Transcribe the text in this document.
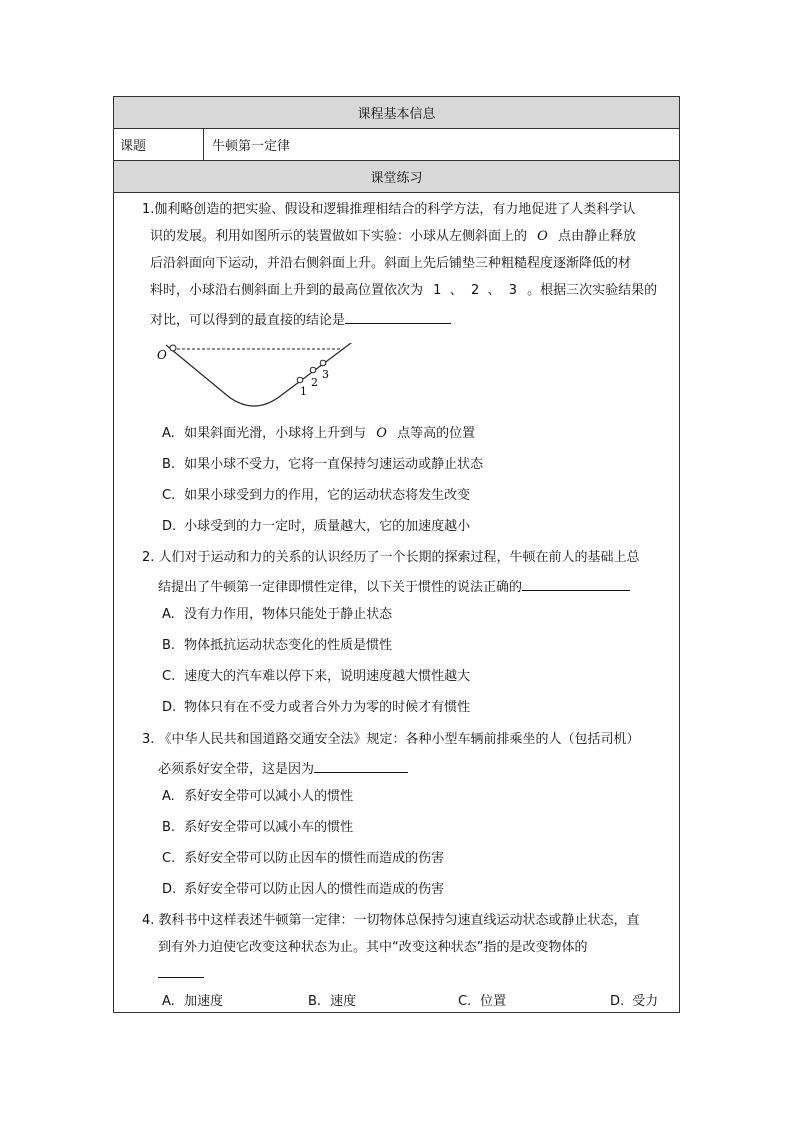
课程基本信息
课题	牛顿第一定律
课堂练习
1.伽利略创造的把实验、假设和逻辑推理相结合的科学方法，有力地促进了人类科学认
识的发展。利用如图所示的装置做如下实验：小球从左侧斜面上的 O 点由静止释放
后沿斜面向下运动，并沿右侧斜面上升。斜面上先后铺垫三种粗糙程度逐渐降低的材
料时，小球沿右侧斜面上升到的最高位置依次为 1  、  2  、  3 。根据三次实验结果的
对比，可以得到的最直接的结论是
O
1
2
3
A. 如果斜面光滑，小球将上升到与 O 点等高的位置
B. 如果小球不受力，它将一直保持匀速运动或静止状态
C. 如果小球受到力的作用，它的运动状态将发生改变
D. 小球受到的力一定时，质量越大，它的加速度越小
2. 人们对于运动和力的关系的认识经历了一个长期的探索过程，牛顿在前人的基础上总
结提出了牛顿第一定律即惯性定律，以下关于惯性的说法正确的
A. 没有力作用，物体只能处于静止状态
B. 物体抵抗运动状态变化的性质是惯性
C. 速度大的汽车难以停下来，说明速度越大惯性越大
D. 物体只有在不受力或者合外力为零的时候才有惯性
3. 《中华人民共和国道路交通安全法》规定：各种小型车辆前排乘坐的人（包括司机）
必须系好安全带，这是因为
A. 系好安全带可以减小人的惯性
B. 系好安全带可以减小车的惯性
C. 系好安全带可以防止因车的惯性而造成的伤害
D. 系好安全带可以防止因人的惯性而造成的伤害
4. 教科书中这样表述牛顿第一定律：一切物体总保持匀速直线运动状态或静止状态，直
到有外力迫使它改变这种状态为止。其中“改变这种状态”指的是改变物体的
A. 加速度	B. 速度	C. 位置	D. 受力
